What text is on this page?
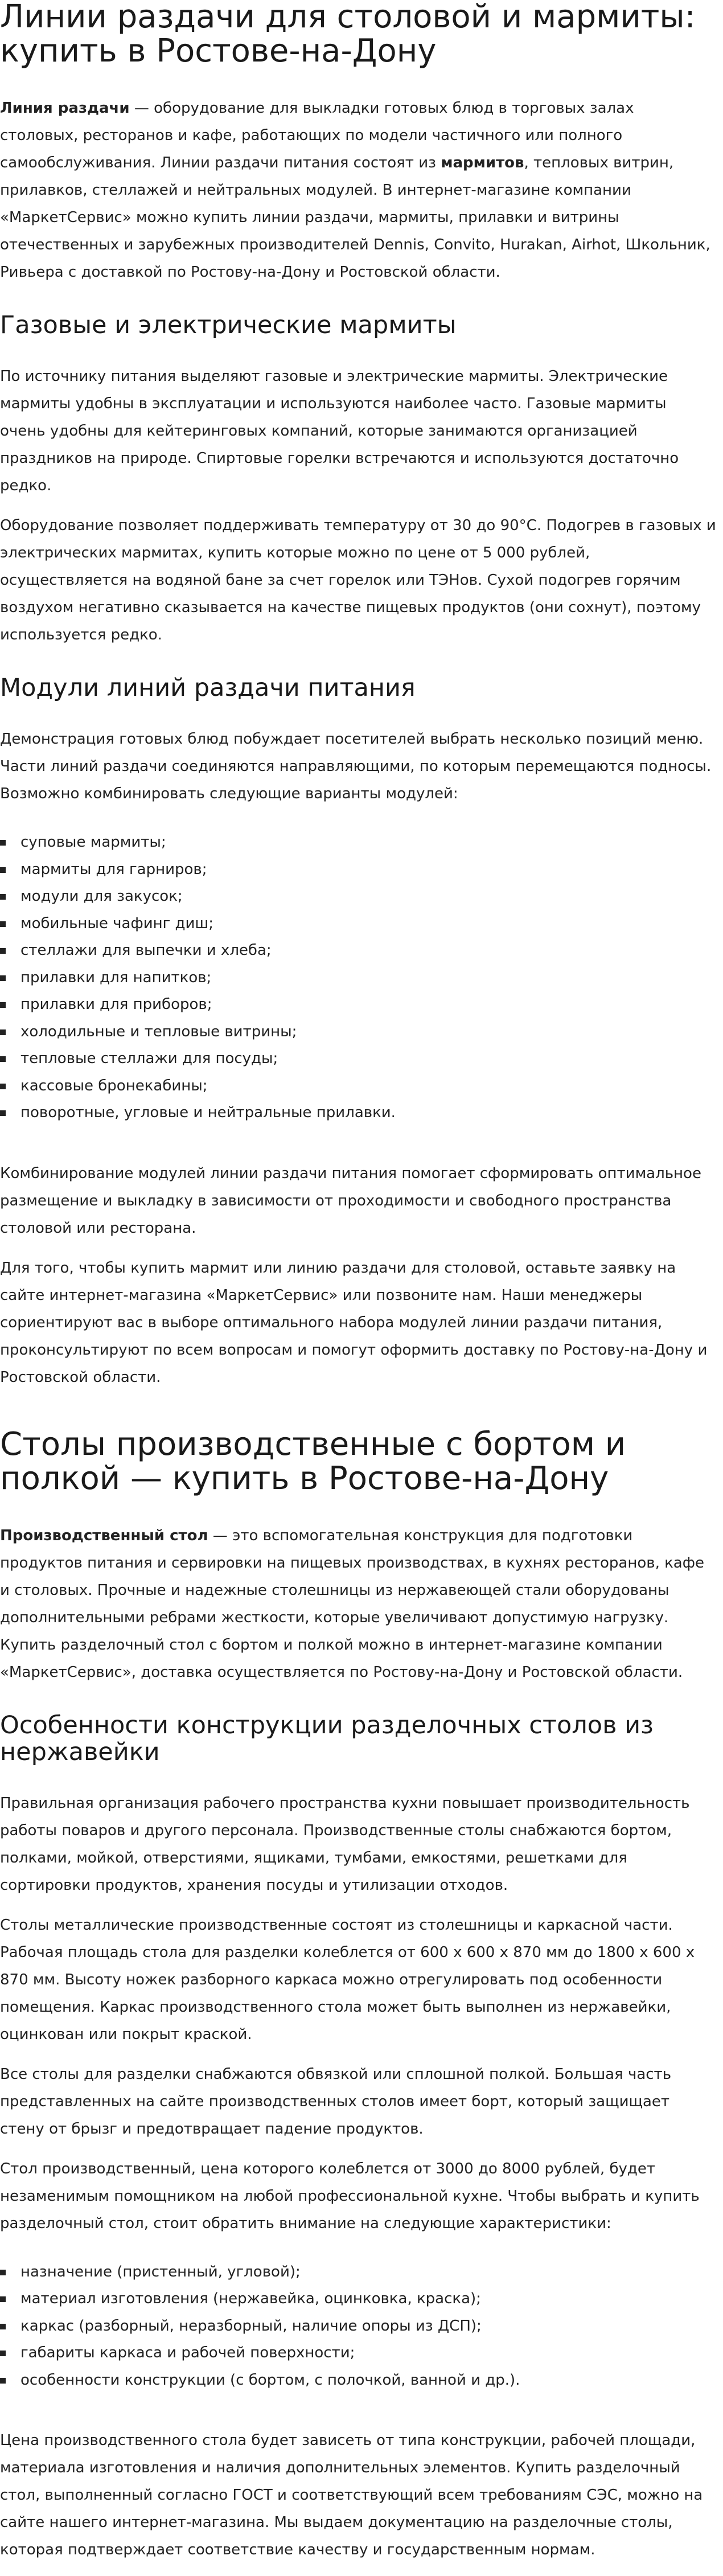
Линии раздачи для столовой и мармиты: купить в Ростове-на-Дону

Линия раздачи — оборудование для выкладки готовых блюд в торговых залах столовых, ресторанов и кафе, работающих по модели частичного или полного самообслуживания. Линии раздачи питания состоят из мармитов, тепловых витрин, прилавков, стеллажей и нейтральных модулей. В интернет-магазине компании «МаркетСервис» можно купить линии раздачи, мармиты, прилавки и витрины отечественных и зарубежных производителей Dennis, Convito, Hurakan, Airhot, Школьник, Ривьера с доставкой по Ростову-на-Дону и Ростовской области.

Газовые и электрические мармиты

По источнику питания выделяют газовые и электрические мармиты. Электрические мармиты удобны в эксплуатации и используются наиболее часто. Газовые мармиты очень удобны для кейтеринговых компаний, которые занимаются организацией праздников на природе. Спиртовые горелки встречаются и используются достаточно редко.

Оборудование позволяет поддерживать температуру от 30 до 90°С. Подогрев в газовых и электрических мармитах, купить которые можно по цене от 5 000 рублей, осуществляется на водяной бане за счет горелок или ТЭНов. Сухой подогрев горячим воздухом негативно сказывается на качестве пищевых продуктов (они сохнут), поэтому используется редко.

Модули линий раздачи питания

Демонстрация готовых блюд побуждает посетителей выбрать несколько позиций меню. Части линий раздачи соединяются направляющими, по которым перемещаются подносы. Возможно комбинировать следующие варианты модулей:

суповые мармиты;
мармиты для гарниров;
модули для закусок;
мобильные чафинг диш;
стеллажи для выпечки и хлеба;
прилавки для напитков;
прилавки для приборов;
холодильные и тепловые витрины;
тепловые стеллажи для посуды;
кассовые бронекабины;
поворотные, угловые и нейтральные прилавки.

Комбинирование модулей линии раздачи питания помогает сформировать оптимальное размещение и выкладку в зависимости от проходимости и свободного пространства столовой или ресторана.

Для того, чтобы купить мармит или линию раздачи для столовой, оставьте заявку на сайте интернет-магазина «МаркетСервис» или позвоните нам. Наши менеджеры сориентируют вас в выборе оптимального набора модулей линии раздачи питания, проконсультируют по всем вопросам и помогут оформить доставку по Ростову-на-Дону и Ростовской области.

Столы производственные с бортом и полкой — купить в Ростове-на-Дону

Производственный стол — это вспомогательная конструкция для подготовки продуктов питания и сервировки на пищевых производствах, в кухнях ресторанов, кафе и столовых. Прочные и надежные столешницы из нержавеющей стали оборудованы дополнительными ребрами жесткости, которые увеличивают допустимую нагрузку. Купить разделочный стол с бортом и полкой можно в интернет-магазине компании «МаркетСервис», доставка осуществляется по Ростову-на-Дону и Ростовской области.

Особенности конструкции разделочных столов из нержавейки

Правильная организация рабочего пространства кухни повышает производительность работы поваров и другого персонала. Производственные столы снабжаются бортом, полками, мойкой, отверстиями, ящиками, тумбами, емкостями, решетками для сортировки продуктов, хранения посуды и утилизации отходов.

Столы металлические производственные состоят из столешницы и каркасной части. Рабочая площадь стола для разделки колеблется от 600 х 600 х 870 мм до 1800 х 600 х 870 мм. Высоту ножек разборного каркаса можно отрегулировать под особенности помещения. Каркас производственного стола может быть выполнен из нержавейки, оцинкован или покрыт краской.

Все столы для разделки снабжаются обвязкой или сплошной полкой. Большая часть представленных на сайте производственных столов имеет борт, который защищает стену от брызг и предотвращает падение продуктов.

Стол производственный, цена которого колеблется от 3000 до 8000 рублей, будет незаменимым помощником на любой профессиональной кухне. Чтобы выбрать и купить разделочный стол, стоит обратить внимание на следующие характеристики:

назначение (пристенный, угловой);
материал изготовления (нержавейка, оцинковка, краска);
каркас (разборный, неразборный, наличие опоры из ДСП);
габариты каркаса и рабочей поверхности;
особенности конструкции (с бортом, с полочкой, ванной и др.).

Цена производственного стола будет зависеть от типа конструкции, рабочей площади, материала изготовления и наличия дополнительных элементов. Купить разделочный стол, выполненный согласно ГОСТ и соответствующий всем требованиям СЭС, можно на сайте нашего интернет-магазина. Мы выдаем документацию на разделочные столы, которая подтверждает соответствие качеству и государственным нормам.
